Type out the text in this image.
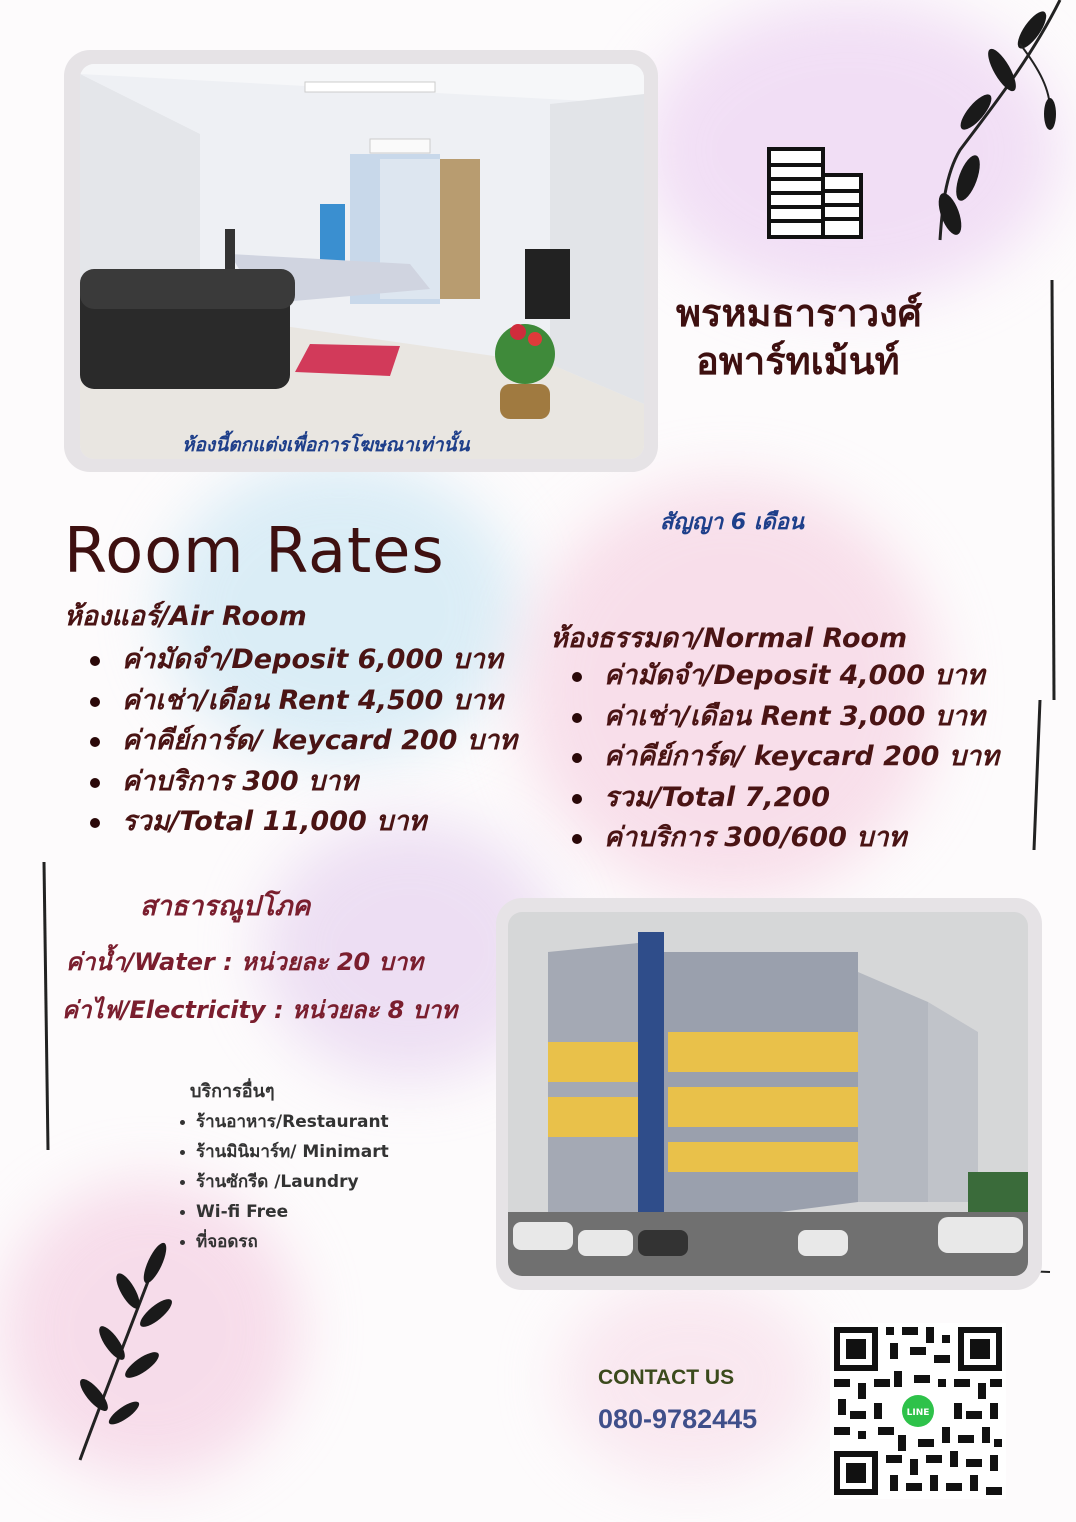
ห้องนี้ตกแต่งเพื่อการโฆษณาเท่านั้น
พรหมธาราวงศ์
อพาร์ทเม้นท์
สัญญา 6 เดือน
Room Rates
ห้องแอร์/Air Room
ค่ามัดจำ/Deposit 6,000 บาท
ค่าเช่า/เดือน Rent 4,500 บาท
ค่าคีย์การ์ด/ keycard 200 บาท
ค่าบริการ 300 บาท
รวม/Total 11,000 บาท
ห้องธรรมดา/Normal Room
ค่ามัดจำ/Deposit 4,000 บาท
ค่าเช่า/เดือน Rent 3,000 บาท
ค่าคีย์การ์ด/ keycard 200 บาท
รวม/Total 7,200
ค่าบริการ 300/600 บาท
สาธารณูปโภค
ค่าน้ำ/Water : หน่วยละ 20 บาท
ค่าไฟ/Electricity : หน่วยละ 8 บาท
บริการอื่นๆ
ร้านอาหาร/Restaurant
ร้านมินิมาร์ท/ Minimart
ร้านซักรีด /Laundry
Wi-fi Free
ที่จอดรถ
CONTACT US
080-9782445	LINE
